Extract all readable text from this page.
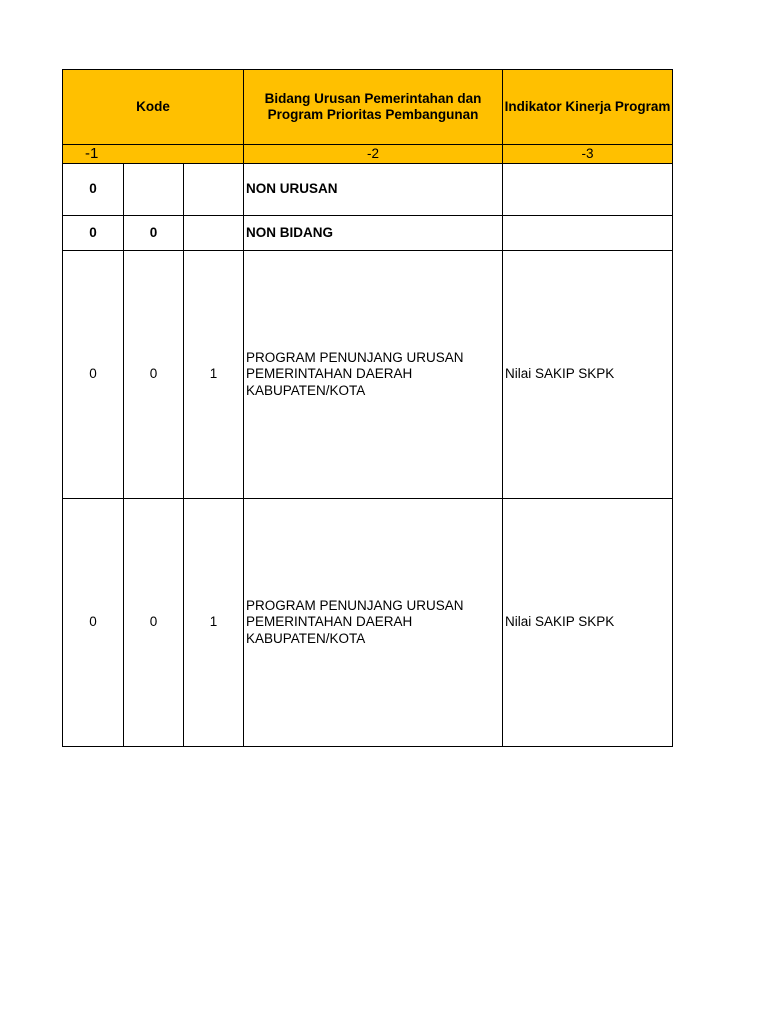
Kode			Bidang Urusan Pemerintahan dan Program Prioritas Pembangunan	Indikator Kinerja Program
-1			-2	-3
0			NON URUSAN	
0	0		NON BIDANG	
0	0	1	PROGRAM PENUNJANG URUSAN PEMERINTAHAN DAERAH KABUPATEN/KOTA	Nilai SAKIP SKPK
0	0	1	PROGRAM PENUNJANG URUSAN PEMERINTAHAN DAERAH KABUPATEN/KOTA	Nilai SAKIP SKPK
